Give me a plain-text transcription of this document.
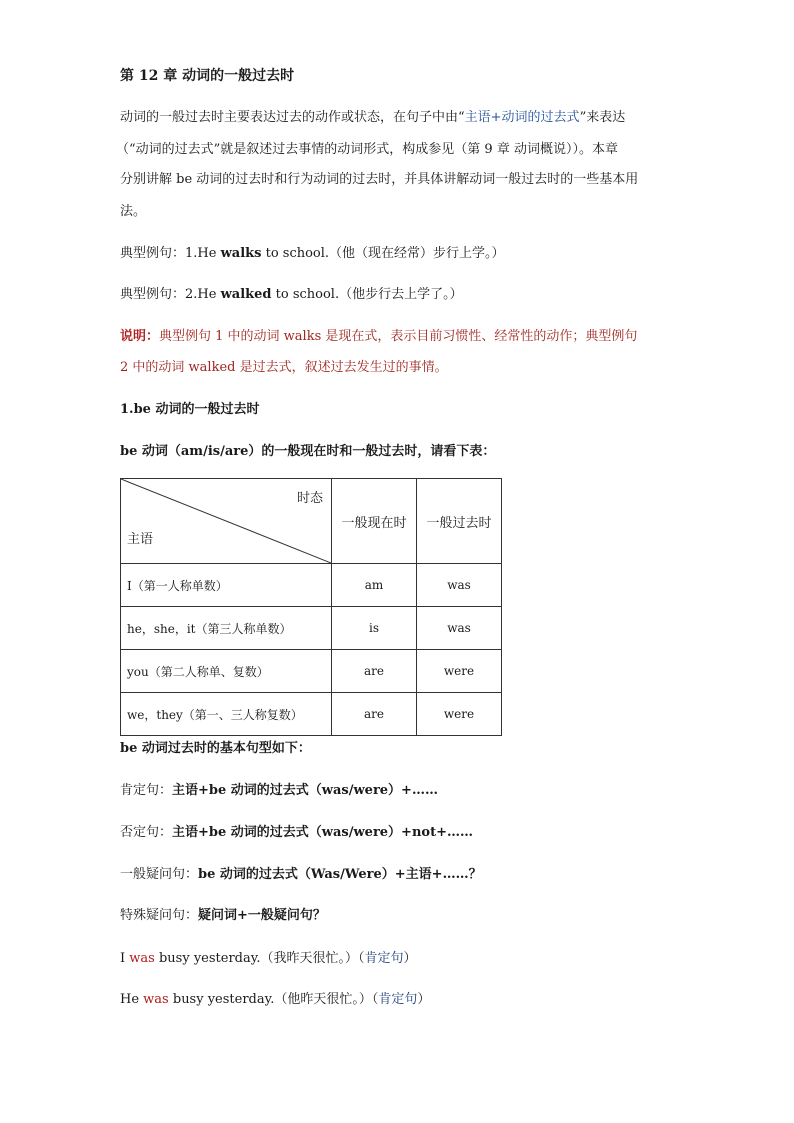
第 12 章 动词的一般过去时
动词的一般过去时主要表达过去的动作或状态，在句子中由“主语+动词的过去式”来表达
（“动词的过去式”就是叙述过去事情的动词形式，构成参见（第 9 章 动词概说））。本章
分别讲解 be 动词的过去时和行为动词的过去时，并具体讲解动词一般过去时的一些基本用
法。
典型例句：1.He walks to school.（他（现在经常）步行上学。）
典型例句：2.He walked to school.（他步行去上学了。）
说明：典型例句 1 中的动词 walks 是现在式，表示目前习惯性、经常性的动作；典型例句
2 中的动词 walked 是过去式，叙述过去发生过的事情。
1.be 动词的一般过去时
be 动词（am/is/are）的一般现在时和一般过去时，请看下表：
时态
主语	一般现在时	一般过去时
I（第一人称单数）	am	was
he，she，it（第三人称单数）	is	was
you（第二人称单、复数）	are	were
we，they（第一、三人称复数）	are	were
be 动词过去时的基本句型如下：
肯定句：主语+be 动词的过去式（was/were）+……
否定句：主语+be 动词的过去式（was/were）+not+……
一般疑问句：be 动词的过去式（Was/Were）+主语+……？
特殊疑问句：疑问词+一般疑问句？
I was busy yesterday.（我昨天很忙。）（肯定句）
He was busy yesterday.（他昨天很忙。）（肯定句）
